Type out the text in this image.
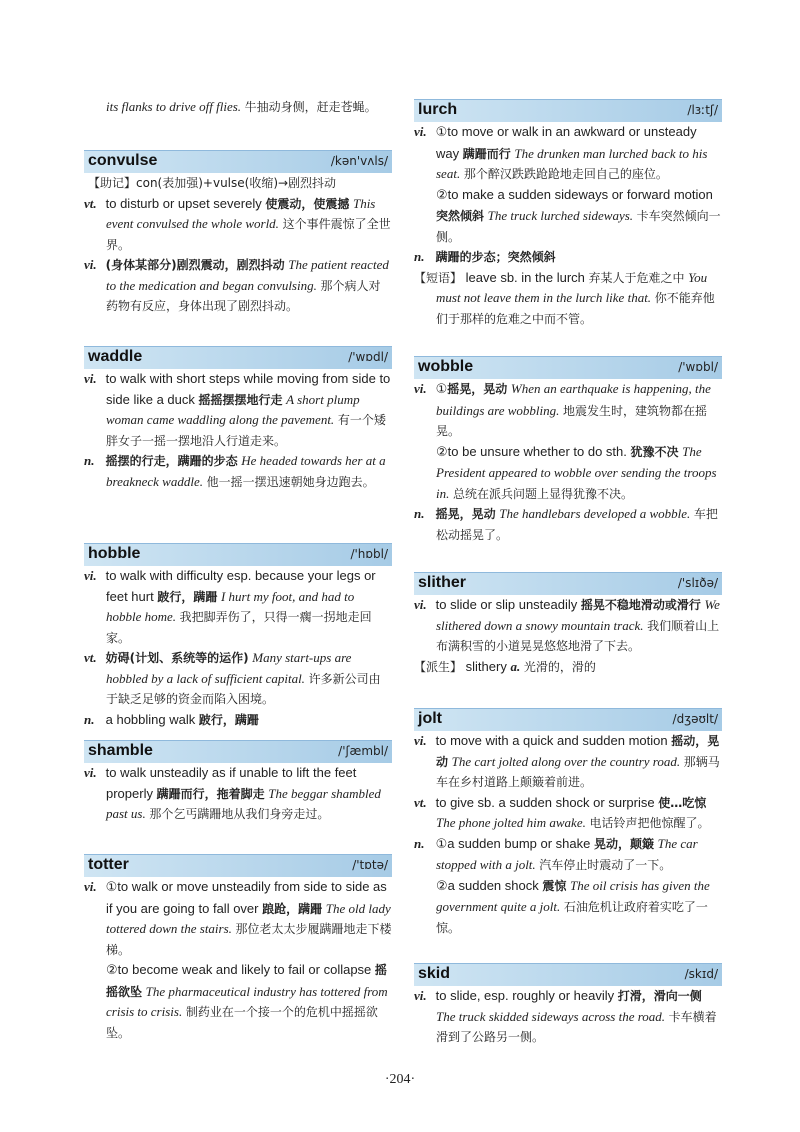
its flanks to drive off flies. 牛抽动身侧，赶走苍蝇。
convulse	/kən'vʌls/
【助记】con(表加强)+vulse(收缩)→剧烈抖动
vt. to disturb or upset severely 使震动，使震撼 This event convulsed the whole world. 这个事件震惊了全世界。
vi. (身体某部分)剧烈震动，剧烈抖动 The patient reacted to the medication and began convulsing. 那个病人对药物有反应，身体出现了剧烈抖动。
waddle	/'wɒdl/
vi. to walk with short steps while moving from side to side like a duck 摇摇摆摆地行走 A short plump woman came waddling along the pavement. 有一个矮胖女子一摇一摆地沿人行道走来。
n. 摇摆的行走，蹒跚的步态 He headed towards her at a breakneck waddle. 他一摇一摆迅速朝她身边跑去。
hobble	/'hɒbl/
vi. to walk with difficulty esp. because your legs or feet hurt 跛行，蹒跚 I hurt my foot, and had to hobble home. 我把脚弄伤了，只得一瘸一拐地走回家。
vt. 妨碍(计划、系统等的运作) Many start-ups are hobbled by a lack of sufficient capital. 许多新公司由于缺乏足够的资金而陷入困境。
n. a hobbling walk 跛行，蹒跚
shamble	/'ʃæmbl/
vi. to walk unsteadily as if unable to lift the feet properly 蹒跚而行，拖着脚走 The beggar shambled past us. 那个乞丐蹒跚地从我们身旁走过。
totter	/'tɒtə/
vi. ①to walk or move unsteadily from side to side as if you are going to fall over 踉跄，蹒跚 The old lady tottered down the stairs. 那位老太太步履蹒跚地走下楼梯。
②to become weak and likely to fail or collapse 摇摇欲坠 The pharmaceutical industry has tottered from crisis to crisis. 制药业在一个接一个的危机中摇摇欲坠。
lurch	/lɜːtʃ/
vi. ①to move or walk in an awkward or unsteady way 蹒跚而行 The drunken man lurched back to his seat. 那个醉汉跌跌跄跄地走回自己的座位。
②to make a sudden sideways or forward motion 突然倾斜 The truck lurched sideways. 卡车突然倾向一侧。
n. 蹒跚的步态；突然倾斜
【短语】 leave sb. in the lurch 弃某人于危难之中 You must not leave them in the lurch like that. 你不能弃他们于那样的危难之中而不管。
wobble	/'wɒbl/
vi. ①摇晃，晃动 When an earthquake is happening, the buildings are wobbling. 地震发生时，建筑物都在摇晃。
②to be unsure whether to do sth. 犹豫不决 The President appeared to wobble over sending the troops in. 总统在派兵问题上显得犹豫不决。
n. 摇晃，晃动 The handlebars developed a wobble. 车把松动摇晃了。
slither	/'slɪðə/
vi. to slide or slip unsteadily 摇晃不稳地滑动或滑行 We slithered down a snowy mountain track. 我们顺着山上布满积雪的小道晃晃悠悠地滑了下去。
【派生】 slithery a. 光滑的，滑的
jolt	/dʒəʊlt/
vi. to move with a quick and sudden motion 摇动，晃动 The cart jolted along over the country road. 那辆马车在乡村道路上颠簸着前进。
vt. to give sb. a sudden shock or surprise 使…吃惊 The phone jolted him awake. 电话铃声把他惊醒了。
n. ①a sudden bump or shake 晃动，颠簸 The car stopped with a jolt. 汽车停止时震动了一下。
②a sudden shock 震惊 The oil crisis has given the government quite a jolt. 石油危机让政府着实吃了一惊。
skid	/skɪd/
vi. to slide, esp. roughly or heavily 打滑，滑向一侧 The truck skidded sideways across the road. 卡车横着滑到了公路另一侧。
·204·
